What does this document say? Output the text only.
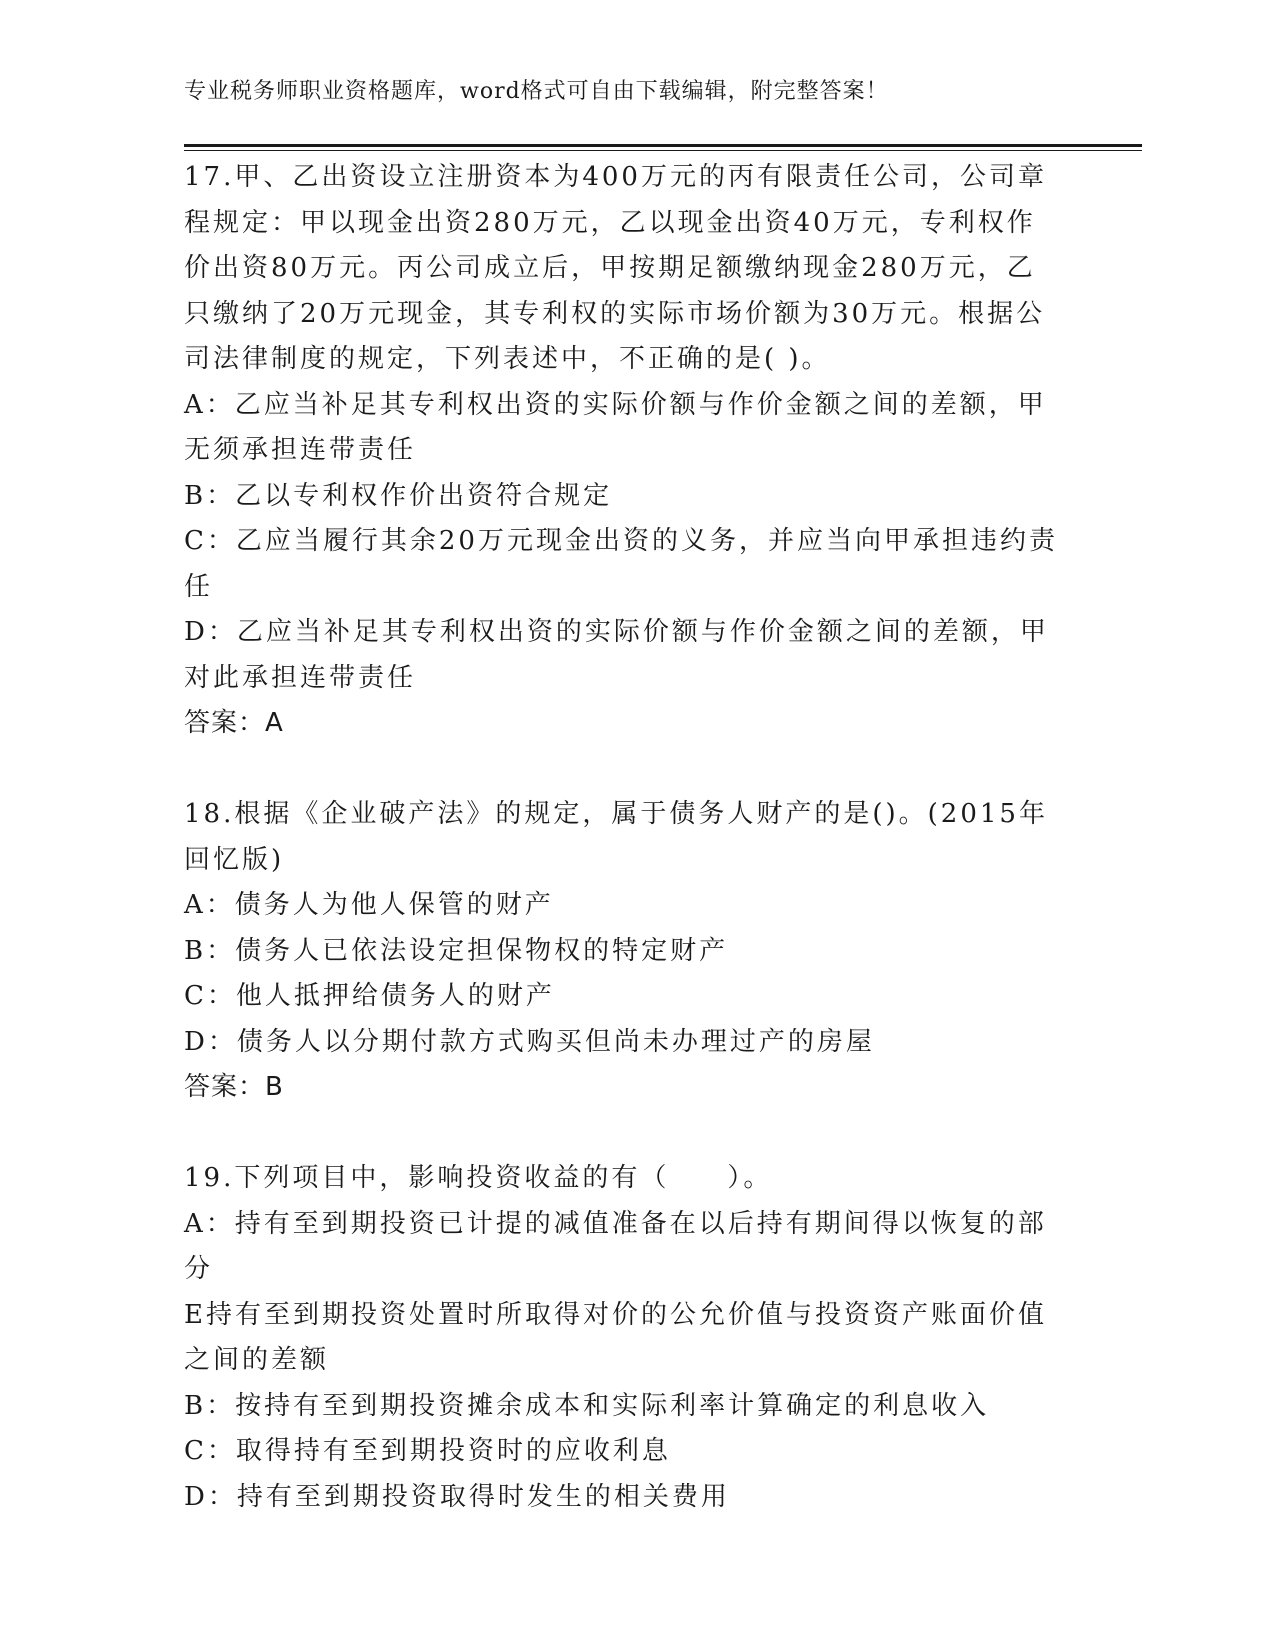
专业税务师职业资格题库，word格式可自由下载编辑，附完整答案！
17.甲、乙出资设立注册资本为400万元的丙有限责任公司，公司章程规定：甲以现金出资280万元，乙以现金出资40万元，专利权作价出资80万元。丙公司成立后，甲按期足额缴纳现金280万元，乙只缴纳了20万元现金，其专利权的实际市场价额为30万元。根据公司法律制度的规定，下列表述中，不正确的是( )。
A：乙应当补足其专利权出资的实际价额与作价金额之间的差额，甲无须承担连带责任
B：乙以专利权作价出资符合规定
C：乙应当履行其余20万元现金出资的义务，并应当向甲承担违约责任
D：乙应当补足其专利权出资的实际价额与作价金额之间的差额，甲对此承担连带责任
答案：A
18.根据《企业破产法》的规定，属于债务人财产的是()。(2015年回忆版)
A：债务人为他人保管的财产
B：债务人已依法设定担保物权的特定财产
C：他人抵押给债务人的财产
D：债务人以分期付款方式购买但尚未办理过产的房屋
答案：B
19.下列项目中，影响投资收益的有（　　）。
A：持有至到期投资已计提的减值准备在以后持有期间得以恢复的部分
E持有至到期投资处置时所取得对价的公允价值与投资资产账面价值之间的差额
B：按持有至到期投资摊余成本和实际利率计算确定的利息收入
C：取得持有至到期投资时的应收利息
D：持有至到期投资取得时发生的相关费用
